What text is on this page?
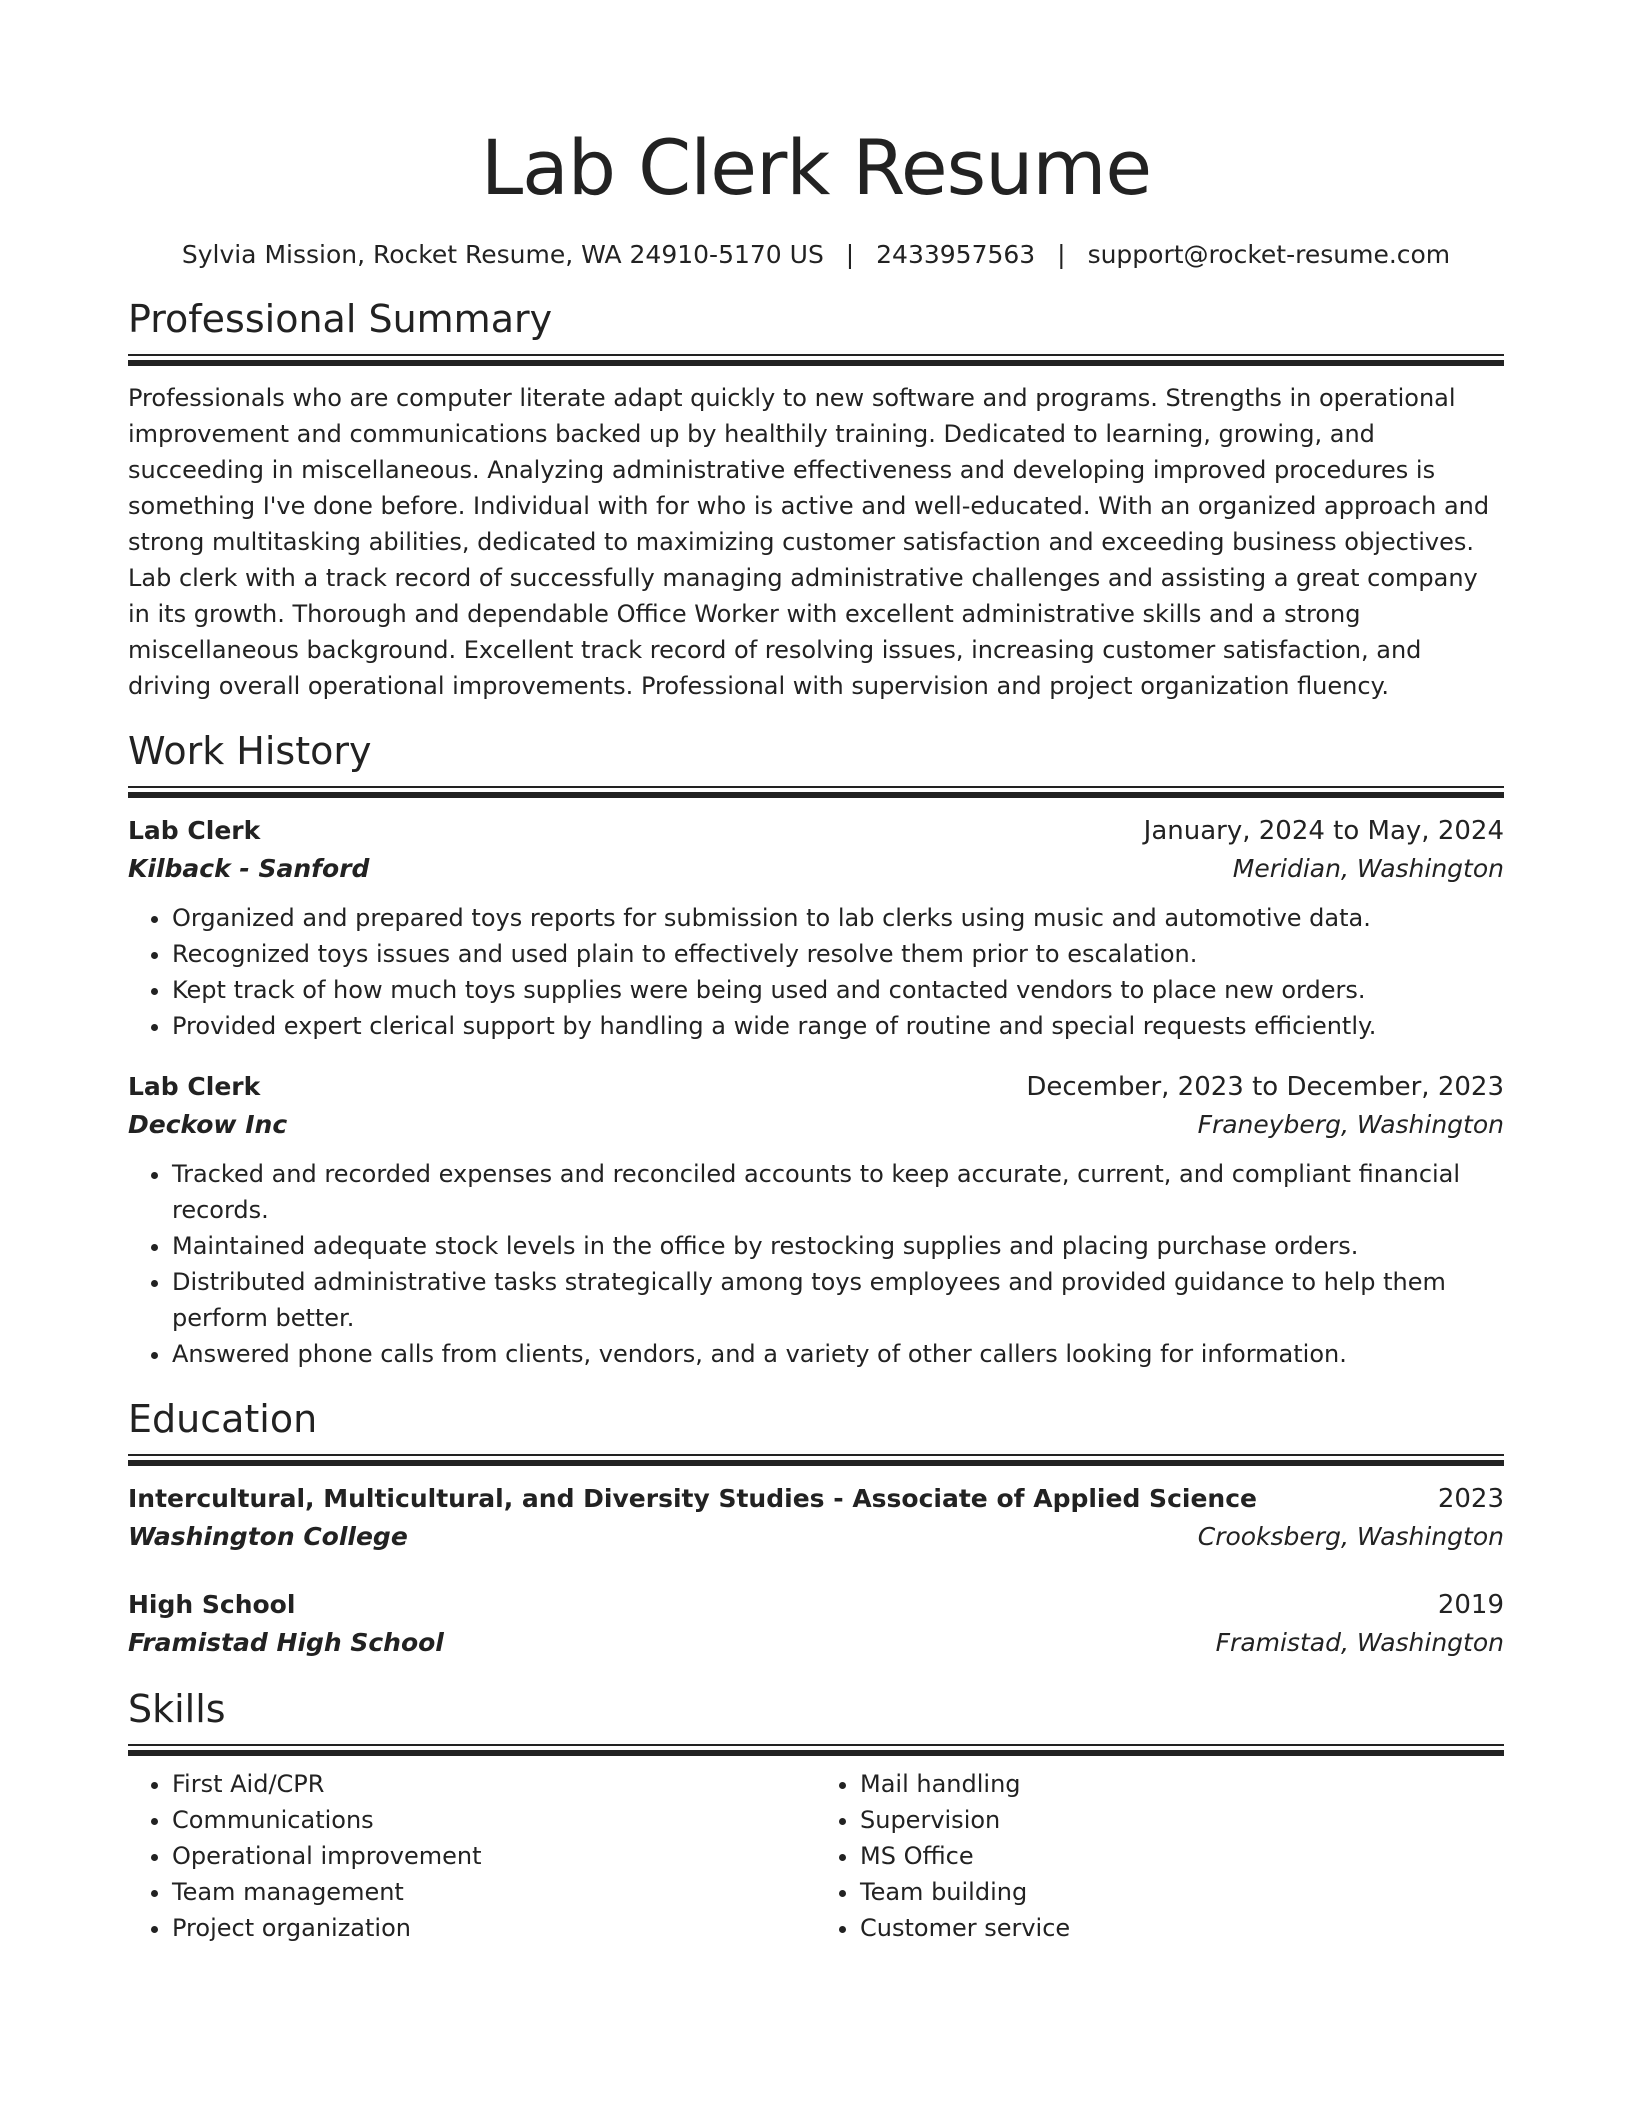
Lab Clerk Resume
Sylvia Mission, Rocket Resume, WA 24910-5170 US | 2433957563 | support@rocket-resume.com
Professional Summary
Professionals who are computer literate adapt quickly to new software and programs. Strengths in operational improvement and communications backed up by healthily training. Dedicated to learning, growing, and succeeding in miscellaneous. Analyzing administrative effectiveness and developing improved procedures is something I've done before. Individual with for who is active and well-educated. With an organized approach and strong multitasking abilities, dedicated to maximizing customer satisfaction and exceeding business objectives. Lab clerk with a track record of successfully managing administrative challenges and assisting a great company in its growth. Thorough and dependable Office Worker with excellent administrative skills and a strong miscellaneous background. Excellent track record of resolving issues, increasing customer satisfaction, and driving overall operational improvements. Professional with supervision and project organization fluency.
Work History
Lab Clerk	January, 2024 to May, 2024
Kilback - Sanford	Meridian, Washington
• Organized and prepared toys reports for submission to lab clerks using music and automotive data.
• Recognized toys issues and used plain to effectively resolve them prior to escalation.
• Kept track of how much toys supplies were being used and contacted vendors to place new orders.
• Provided expert clerical support by handling a wide range of routine and special requests efficiently.
Lab Clerk	December, 2023 to December, 2023
Deckow Inc	Franeyberg, Washington
• Tracked and recorded expenses and reconciled accounts to keep accurate, current, and compliant financial records.
• Maintained adequate stock levels in the office by restocking supplies and placing purchase orders.
• Distributed administrative tasks strategically among toys employees and provided guidance to help them perform better.
• Answered phone calls from clients, vendors, and a variety of other callers looking for information.
Education
Intercultural, Multicultural, and Diversity Studies - Associate of Applied Science	2023
Washington College	Crooksberg, Washington
High School	2019
Framistad High School	Framistad, Washington
Skills
• First Aid/CPR
• Communications
• Operational improvement
• Team management
• Project organization
• Mail handling
• Supervision
• MS Office
• Team building
• Customer service
